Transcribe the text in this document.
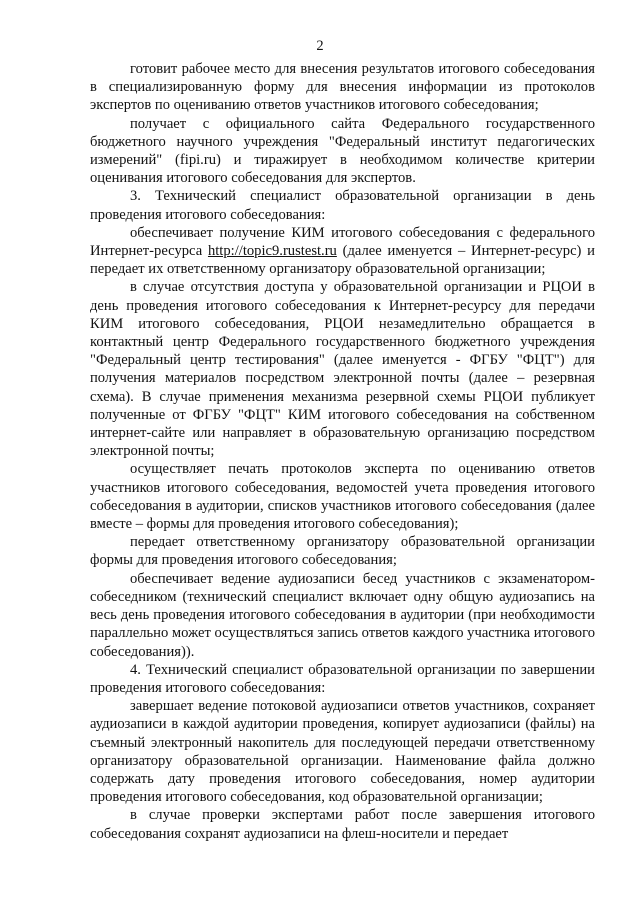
2

готовит рабочее место для внесения результатов итогового собеседования в специализированную форму для внесения информации из протоколов экспертов по оцениванию ответов участников итогового собеседования;

получает с официального сайта Федерального государственного бюджетного научного учреждения "Федеральный институт педагогических измерений" (fipi.ru) и тиражирует в необходимом количестве критерии оценивания итогового собеседования для экспертов.

3. Технический специалист образовательной организации в день проведения итогового собеседования:

обеспечивает получение КИМ итогового собеседования с федерального Интернет-ресурса http://topic9.rustest.ru (далее именуется – Интернет-ресурс) и передает их ответственному организатору образовательной организации;

в случае отсутствия доступа у образовательной организации и РЦОИ в день проведения итогового собеседования к Интернет-ресурсу для передачи КИМ итогового собеседования, РЦОИ незамедлительно обращается в контактный центр Федерального государственного бюджетного учреждения "Федеральный центр тестирования" (далее именуется - ФГБУ "ФЦТ") для получения материалов посредством электронной почты (далее – резервная схема). В случае применения механизма резервной схемы РЦОИ публикует полученные от ФГБУ "ФЦТ" КИМ итогового собеседования на собственном интернет-сайте или направляет в образовательную организацию посредством электронной почты;

осуществляет печать протоколов эксперта по оцениванию ответов участников итогового собеседования, ведомостей учета проведения итогового собеседования в аудитории, списков участников итогового собеседования (далее вместе – формы для проведения итогового собеседования);

передает ответственному организатору образовательной организации формы для проведения итогового собеседования;

обеспечивает ведение аудиозаписи бесед участников с экзаменатором-собеседником (технический специалист включает одну общую аудиозапись на весь день проведения итогового собеседования в аудитории (при необходимости параллельно может осуществляться запись ответов каждого участника итогового собеседования)).

4. Технический специалист образовательной организации по завершении проведения итогового собеседования:

завершает ведение потоковой аудиозаписи ответов участников, сохраняет аудиозаписи в каждой аудитории проведения, копирует аудиозаписи (файлы) на съемный электронный накопитель для последующей передачи ответственному организатору образовательной организации. Наименование файла должно содержать дату проведения итогового собеседования, номер аудитории проведения итогового собеседования, код образовательной организации;

в случае проверки экспертами работ после завершения итогового собеседования сохранят аудиозаписи на флеш-носители и передает
